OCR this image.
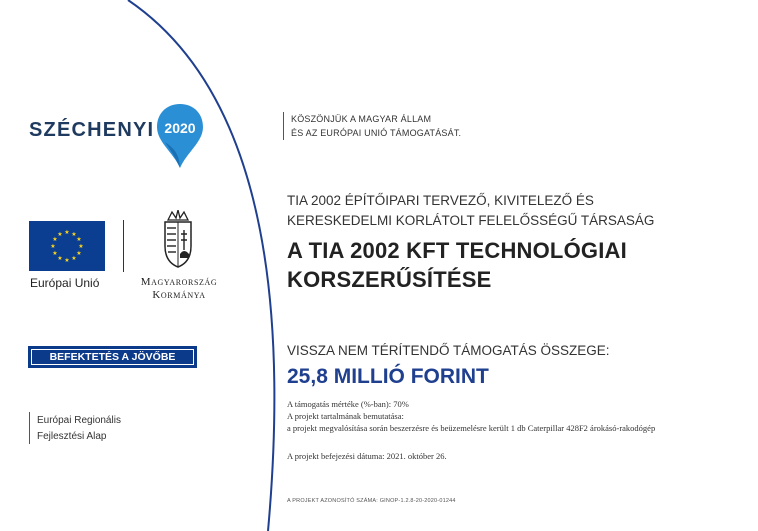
SZÉCHENYI 2020
★ ★
★
★
★
★
★
★
★
★
★
★
Európai Unió	Magyarország
Kormánya
BEFEKTETÉS A JÖVŐBE
Európai Regionális
Fejlesztési Alap
KÖSZÖNJÜK A MAGYAR ÁLLAM
ÉS AZ EURÓPAI UNIÓ TÁMOGATÁSÁT.
TIA 2002 ÉPÍTŐIPARI TERVEZŐ, KIVITELEZŐ ÉS
KERESKEDELMI KORLÁTOLT FELELŐSSÉGŰ TÁRSASÁG
A TIA 2002 KFT TECHNOLÓGIAI
KORSZERŰSÍTÉSE
VISSZA NEM TÉRÍTENDŐ TÁMOGATÁS ÖSSZEGE:
25,8 MILLIÓ FORINT
A támogatás mértéke (%-ban): 70%
A projekt tartalmának bemutatása:
a projekt megvalósítása során beszerzésre és beüzemelésre került 1 db Caterpillar 428F2 árokásó-rakodógép
A projekt befejezési dátuma: 2021. október 26.
A PROJEKT AZONOSÍTÓ SZÁMA: GINOP-1.2.8-20-2020-01244
